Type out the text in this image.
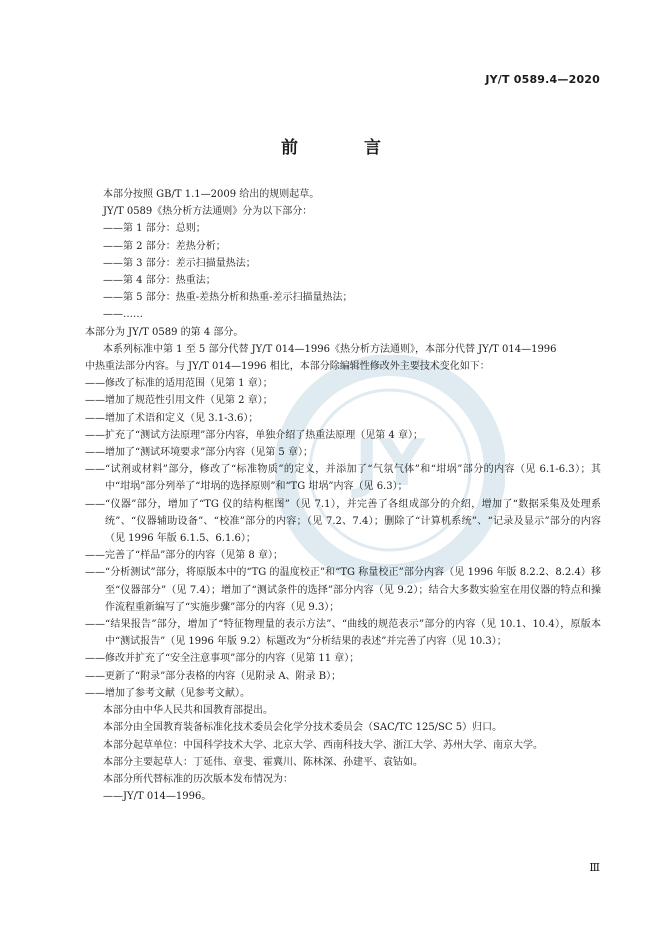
JY/T 0589.4—2020
前 言
JY

本部分按照 GB/T 1.1—2009 给出的规则起草。

JY/T 0589《热分析方法通则》分为以下部分：

——第 1 部分：总则；

——第 2 部分：差热分析；

——第 3 部分：差示扫描量热法；

——第 4 部分：热重法；

——第 5 部分：热重-差热分析和热重-差示扫描量热法；

——……

本部分为 JY/T 0589 的第 4 部分。

本系列标准中第 1 至 5 部分代替 JY/T 014—1996《热分析方法通则》，本部分代替 JY/T 014—1996

中热重法部分内容。与 JY/T 014—1996 相比，本部分除编辑性修改外主要技术变化如下：

—— 修改了标准的适用范围（见第 1 章）；
—— 增加了规范性引用文件（见第 2 章）；
—— 增加了术语和定义（见 3.1-3.6）；
—— 扩充了“测试方法原理”部分内容，单独介绍了热重法原理（见第 4 章）；
—— 增加了“测试环境要求”部分内容（见第 5 章）；
—— “试剂或材料”部分，修改了“标准物质”的定义，并添加了“气氛气体”和“坩埚”部分的内容（见 6.1-6.3）；其中“坩埚”部分列举了“坩埚的选择原则”和“TG 坩埚”内容（见 6.3）；
—— “仪器”部分，增加了“TG 仪的结构框图”（见 7.1），并完善了各组成部分的介绍，增加了“数据采集及处理系统”、“仪器辅助设备”、“校准”部分的内容；（见 7.2、7.4）；删除了“计算机系统”、“记录及显示”部分的内容（见 1996 年版 6.1.5、6.1.6）；
—— 完善了“样品”部分的内容（见第 8 章）；
—— “分析测试”部分，将原版本中的“TG 的温度校正”和“TG 称量校正”部分内容（见 1996 年版 8.2.2、8.2.4）移至“仪器部分”（见 7.4）；增加了“测试条件的选择”部分内容（见 9.2）；结合大多数实验室在用仪器的特点和操作流程重新编写了“实施步骤”部分的内容（见 9.3）；
—— “结果报告”部分，增加了“特征物理量的表示方法”、“曲线的规范表示”部分的内容（见 10.1、10.4），原版本中“测试报告”（见 1996 年版 9.2）标题改为“分析结果的表述”并完善了内容（见 10.3）；
—— 修改并扩充了“安全注意事项”部分的内容（见第 11 章）；
—— 更新了“附录”部分表格的内容（见附录 A、附录 B）；
—— 增加了参考文献（见参考文献）。

本部分由中华人民共和国教育部提出。

本部分由全国教育装备标准化技术委员会化学分技术委员会（SAC/TC 125/SC 5）归口。

本部分起草单位：中国科学技术大学、北京大学、西南科技大学、浙江大学、苏州大学、南京大学。

本部分主要起草人：丁延伟、章斐、霍冀川、陈林深、孙建平、袁钴如。

本部分所代替标准的历次版本发布情况为：

——JY/T 014—1996。

Ⅲ
